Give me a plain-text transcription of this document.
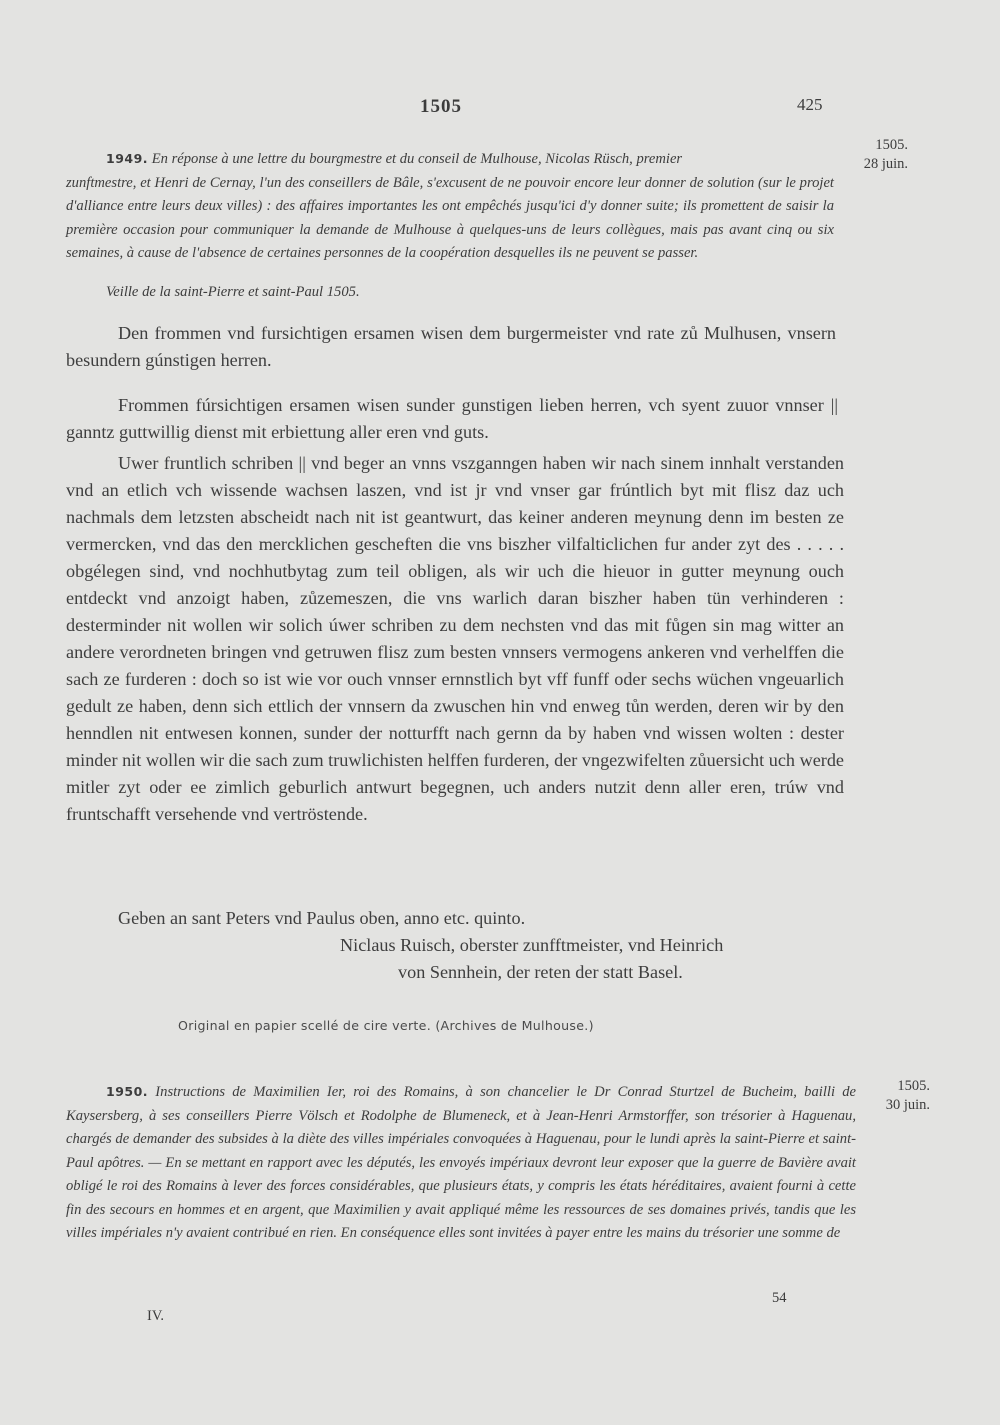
1505	425
1505.
28 juin.
1949. En réponse à une lettre du bourgmestre et du conseil de Mulhouse, Nicolas Rüsch, premier
zunftmestre, et Henri de Cernay, l'un des conseillers de Bâle, s'excusent de ne pouvoir encore leur donner de solution (sur le projet d'alliance entre leurs deux villes) : des affaires importantes les ont empêchés jusqu'ici d'y donner suite; ils promettent de saisir la première occasion pour communiquer la demande de Mulhouse à quelques-uns de leurs collègues, mais pas avant cinq ou six semaines, à cause de l'absence de certaines personnes de la coopération desquelles ils ne peuvent se passer.
Veille de la saint-Pierre et saint-Paul 1505.

Den frommen vnd fursichtigen ersamen wisen dem burgermeister vnd rate zů Mulhusen, vnsern besundern gúnstigen herren.

Frommen fúrsichtigen ersamen wisen sunder gunstigen lieben herren, vch syent zuuor vnnser || ganntz guttwillig dienst mit erbiettung aller eren vnd guts.

Uwer fruntlich schriben || vnd beger an vnns vszganngen haben wir nach sinem innhalt verstanden vnd an etlich vch wissende wachsen laszen, vnd ist jr vnd vnser gar frúntlich byt mit flisz daz uch nachmals dem letzsten abscheidt nach nit ist geantwurt, das keiner anderen meynung denn im besten ze vermercken, vnd das den mercklichen gescheften die vns biszher vilfalticlichen fur ander zyt des . . . . . obgélegen sind, vnd nochhutbytag zum teil obligen, als wir uch die hieuor in gutter meynung ouch entdeckt vnd anzoigt haben, zůzemeszen, die vns warlich daran biszher haben tün verhinderen : desterminder nit wollen wir solich úwer schriben zu dem nechsten vnd das mit fůgen sin mag witter an andere verordneten bringen vnd getruwen flisz zum besten vnnsers vermogens ankeren vnd verhelffen die sach ze furderen : doch so ist wie vor ouch vnnser ernnstlich byt vff funff oder sechs wüchen vngeuarlich gedult ze haben, denn sich ettlich der vnnsern da zwuschen hin vnd enweg tůn werden, deren wir by den henndlen nit entwesen konnen, sunder der notturfft nach gernn da by haben vnd wissen wolten : dester minder nit wollen wir die sach zum truwlichisten helffen furderen, der vngezwifelten zůuersicht uch werde mitler zyt oder ee zimlich geburlich antwurt begegnen, uch anders nutzit denn aller eren, trúw vnd fruntschafft versehende vnd vertröstende.

Geben an sant Peters vnd Paulus oben, anno etc. quinto.
Niclaus Ruisch, oberster zunfftmeister, vnd Heinrich
von Sennhein, der reten der statt Basel.
Original en papier scellé de cire verte. (Archives de Mulhouse.)
1505.
30 juin.
1950. Instructions de Maximilien Ier, roi des Romains, à son chancelier le Dr Conrad Sturtzel de Bucheim, bailli de Kaysersberg, à ses conseillers Pierre Völsch et Rodolphe de Blumeneck, et à Jean-Henri Armstorffer, son trésorier à Haguenau, chargés de demander des subsides à la diète des villes impériales convoquées à Haguenau, pour le lundi après la saint-Pierre et saint-Paul apôtres. — En se mettant en rapport avec les députés, les envoyés impériaux devront leur exposer que la guerre de Bavière avait obligé le roi des Romains à lever des forces considérables, que plusieurs états, y compris les états héréditaires, avaient fourni à cette fin des secours en hommes et en argent, que Maximilien y avait appliqué même les ressources de ses domaines privés, tandis que les villes impériales n'y avaient contribué en rien. En conséquence elles sont invitées à payer entre les mains du trésorier une somme de
54
IV.
